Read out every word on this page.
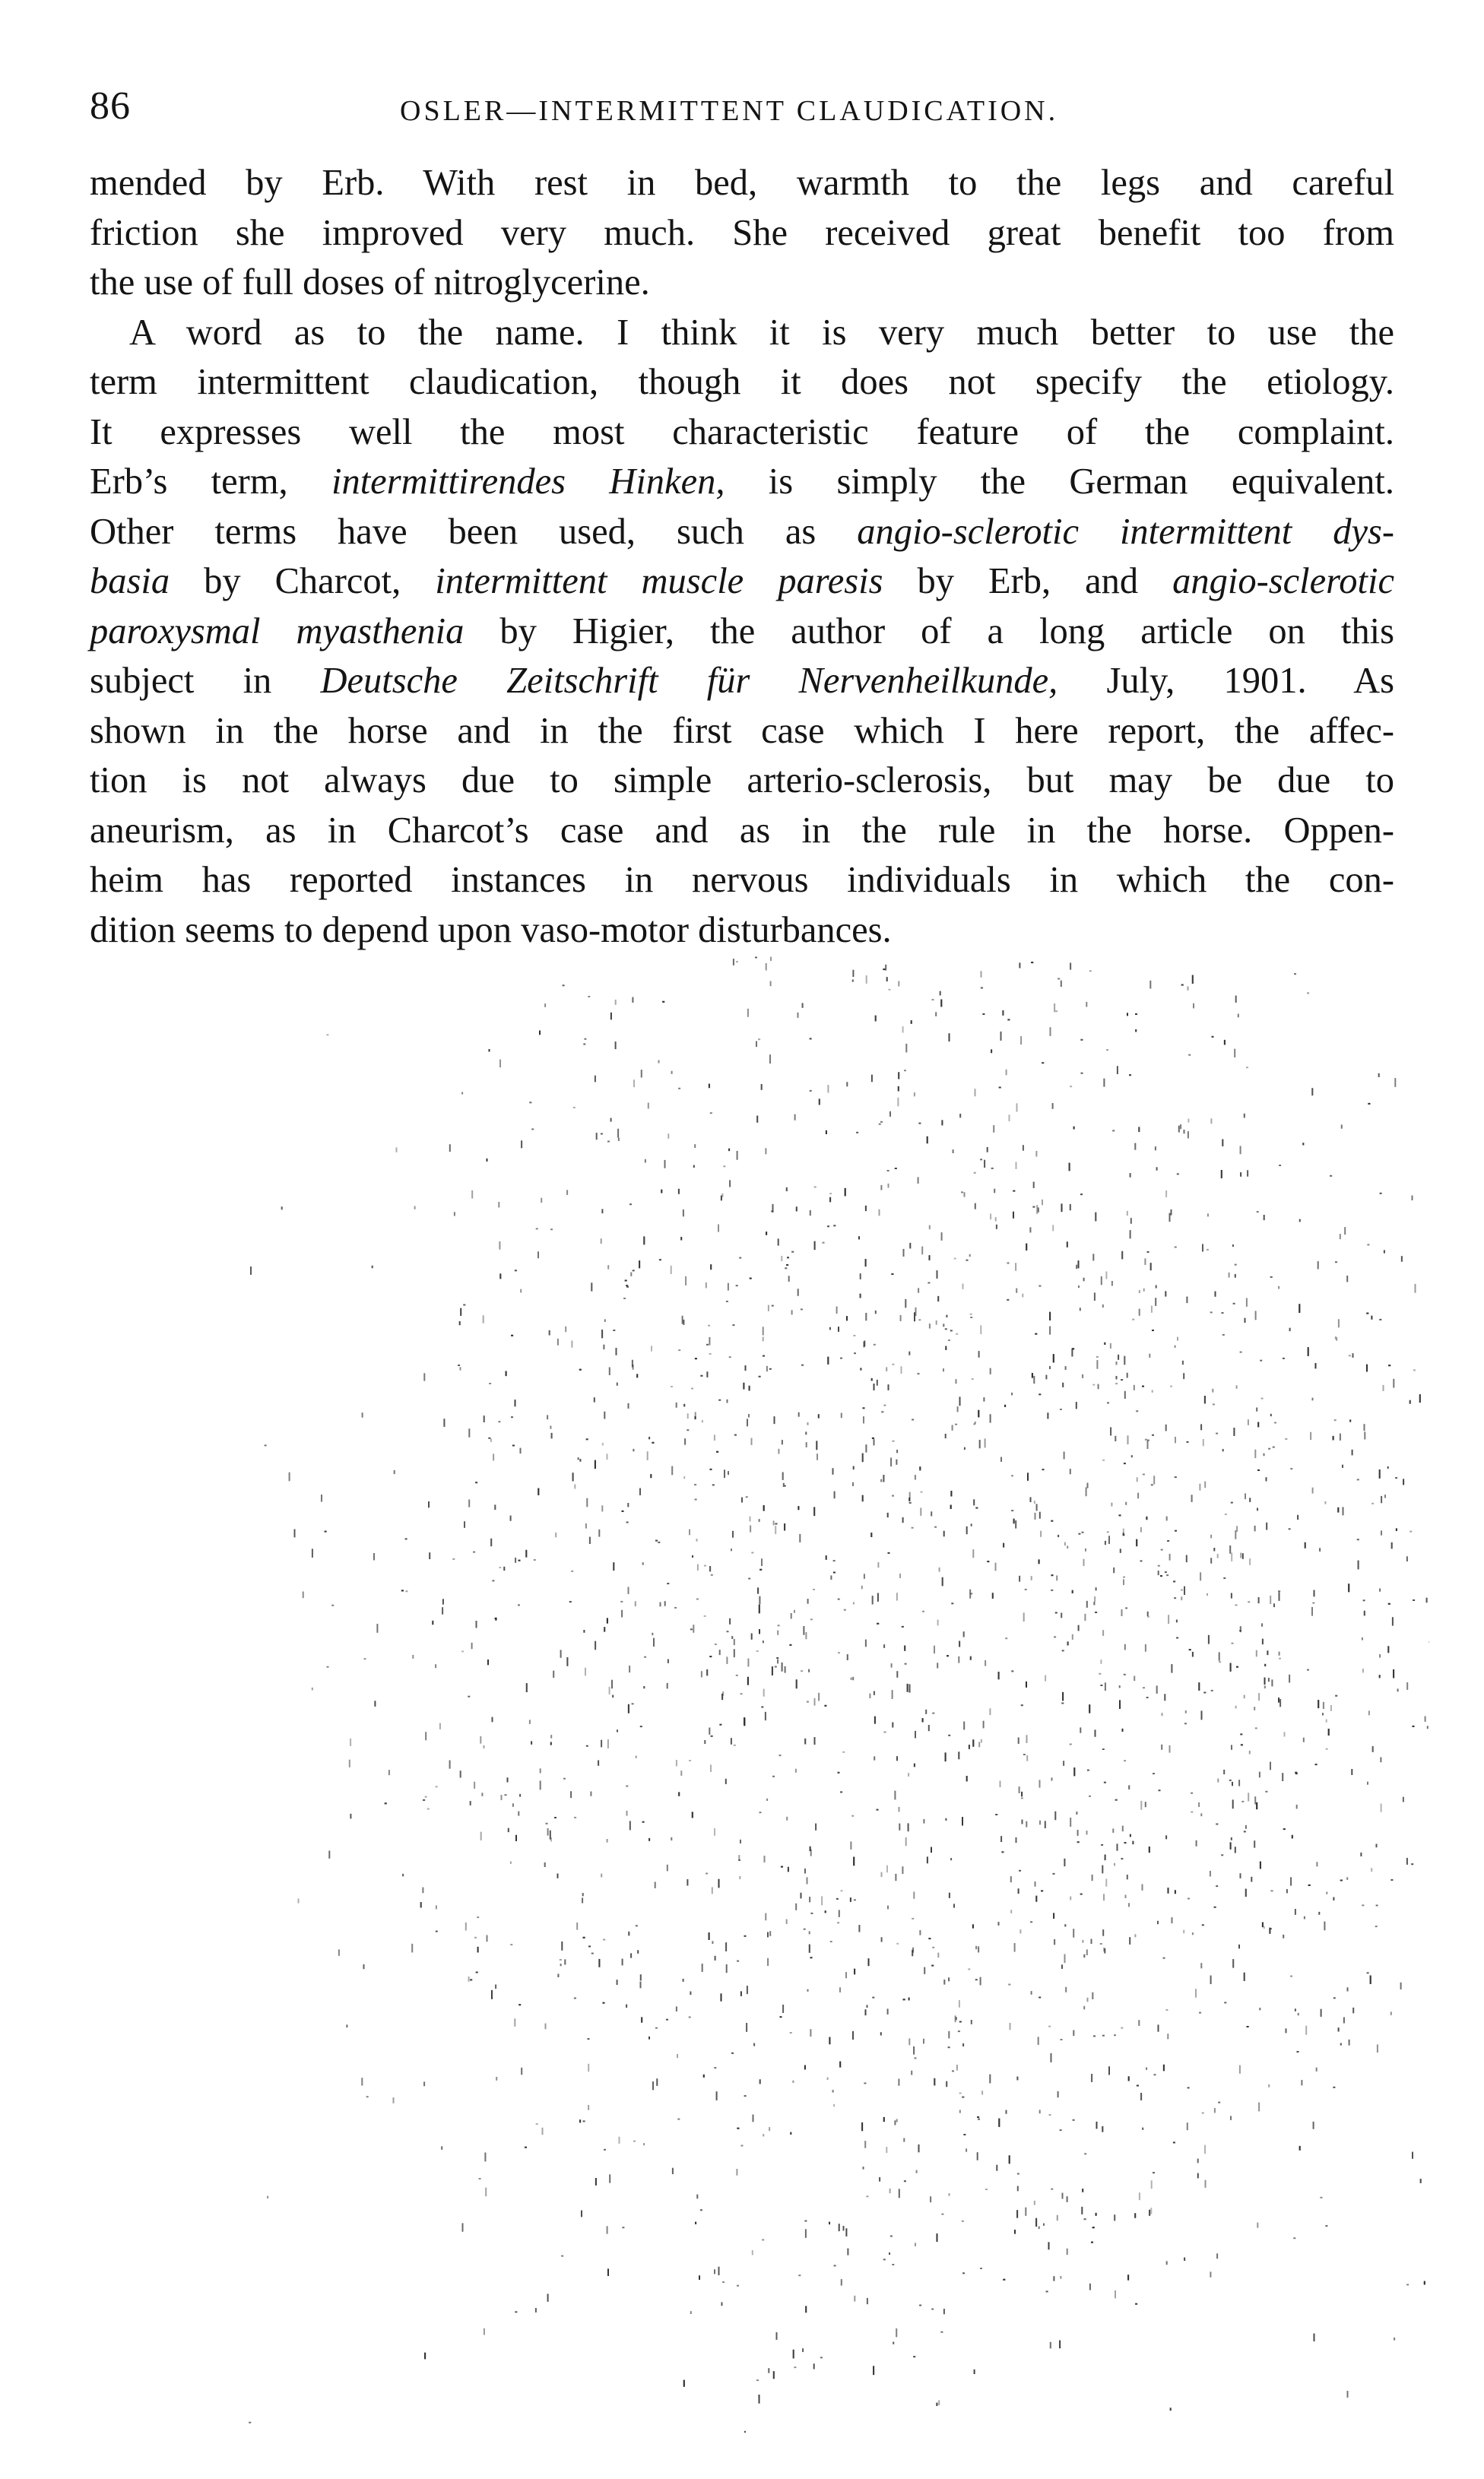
86	OSLER—INTERMITTENT CLAUDICATION.
mended by Erb. With rest in bed, warmth to the legs and careful
friction she improved very much. She received great benefit too from
the use of full doses of nitroglycerine.
A word as to the name. I think it is very much better to use the
term intermittent claudication, though it does not specify the etiology.
It expresses well the most characteristic feature of the complaint.
Erb’s term, intermittirendes Hinken, is simply the German equivalent.
Other terms have been used, such as angio-sclerotic intermittent dys-
basia by Charcot, intermittent muscle paresis by Erb, and angio-sclerotic
paroxysmal myasthenia by Higier, the author of a long article on this
subject in Deutsche Zeitschrift für Nervenheilkunde, July, 1901. As
shown in the horse and in the first case which I here report, the affec-
tion is not always due to simple arterio-sclerosis, but may be due to
aneurism, as in Charcot’s case and as in the rule in the horse. Oppen-
heim has reported instances in nervous individuals in which the con-
dition seems to depend upon vaso-motor disturbances.
